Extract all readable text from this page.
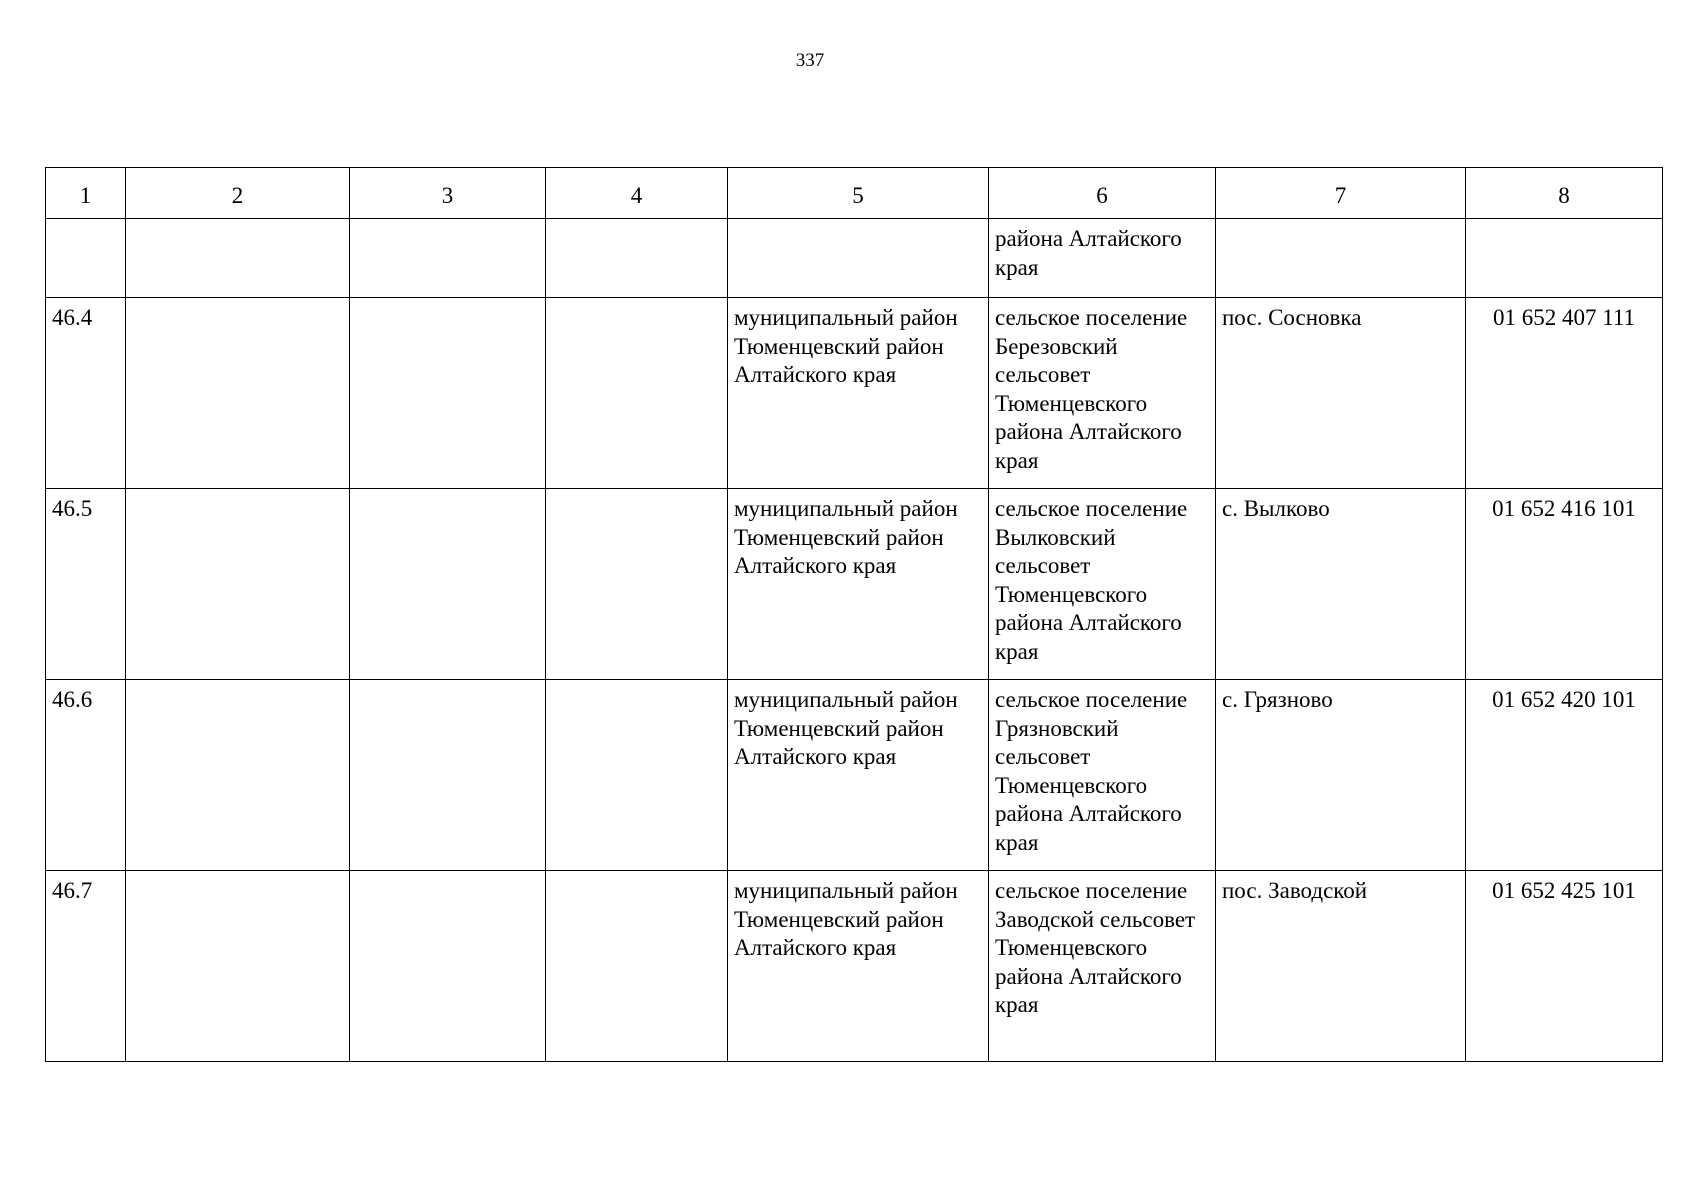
337
1	2	3	4	5	6	7	8
					района Алтайского края		
46.4				муниципальный район Тюменцевский район Алтайского края	сельское поселение Березовский сельсовет Тюменцевского района Алтайского края	пос. Сосновка	01 652 407 111
46.5				муниципальный район Тюменцевский район Алтайского края	сельское поселение Вылковский сельсовет Тюменцевского района Алтайского края	с. Вылково	01 652 416 101
46.6				муниципальный район Тюменцевский район Алтайского края	сельское поселение Грязновский сельсовет Тюменцевского района Алтайского края	с. Грязново	01 652 420 101
46.7				муниципальный район Тюменцевский район Алтайского края	сельское поселение Заводской сельсовет Тюменцевского района Алтайского края	пос. Заводской	01 652 425 101
